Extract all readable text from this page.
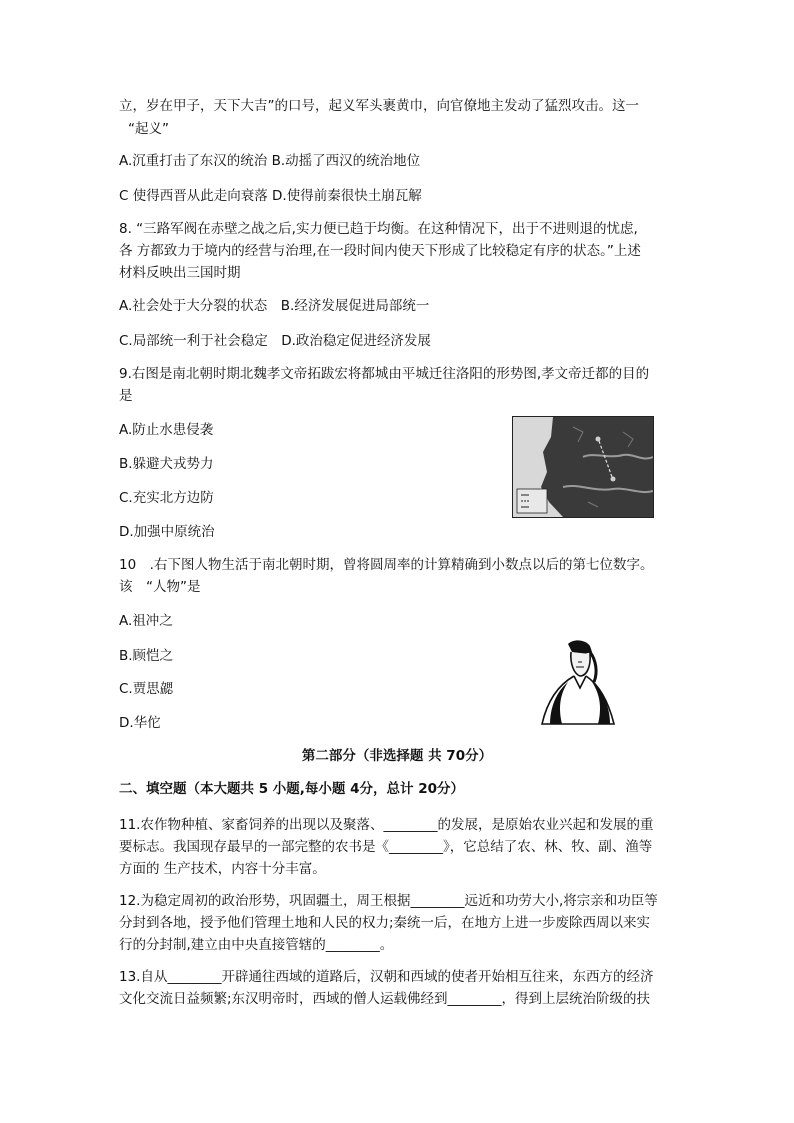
立，岁在甲子，天下大吉”的口号，起义军头裹黄巾，向官僚地主发动了猛烈攻击。这一
“起义”
A.沉重打击了东汉的统治 B.动摇了西汉的统治地位
C 使得西晋从此走向衰落 D.使得前秦很快土崩瓦解
8. “三路军阀在赤壁之战之后,实力便已趋于均衡。在这种情况下，出于不进则退的忧虑,
各 方都致力于境内的经营与治理,在一段时间内使天下形成了比较稳定有序的状态。”上述
材料反映出三国时期
A.社会处于大分裂的状态　B.经济发展促进局部统一
C.局部统一利于社会稳定　D.政治稳定促进经济发展
9.右图是南北朝时期北魏孝文帝拓跋宏将都城由平城迁往洛阳的形势图,孝文帝迁都的目的
是
A.防止水患侵袭
B.躲避犬戎势力
C.充实北方边防
D.加强中原统治
10　.右下图人物生活于南北朝时期，曾将圆周率的计算精确到小数点以后的第七位数字。
该　“人物”是
A.祖冲之
B.顾恺之
C.贾思勰
D.华佗
第二部分（非选择题 共 70分）
二、填空题（本大题共 5 小题,每小题 4分，总计 20分）
11.农作物种植、家畜饲养的出现以及聚落、________的发展，是原始农业兴起和发展的重
要标志。我国现存最早的一部完整的农书是《________》，它总结了农、林、牧、副、渔等
方面的 生产技术，内容十分丰富。
12.为稳定周初的政治形势，巩固疆土，周王根据________远近和功劳大小,将宗亲和功臣等
分封到各地，授予他们管理土地和人民的权力;秦统一后，在地方上进一步废除西周以来实
行的分封制,建立由中央直接管辖的________。
13.自从________开辟通往西域的道路后，汉朝和西域的使者开始相互往来，东西方的经济
文化交流日益频繁;东汉明帝时，西域的僧人运载佛经到________，得到上层统治阶级的扶
